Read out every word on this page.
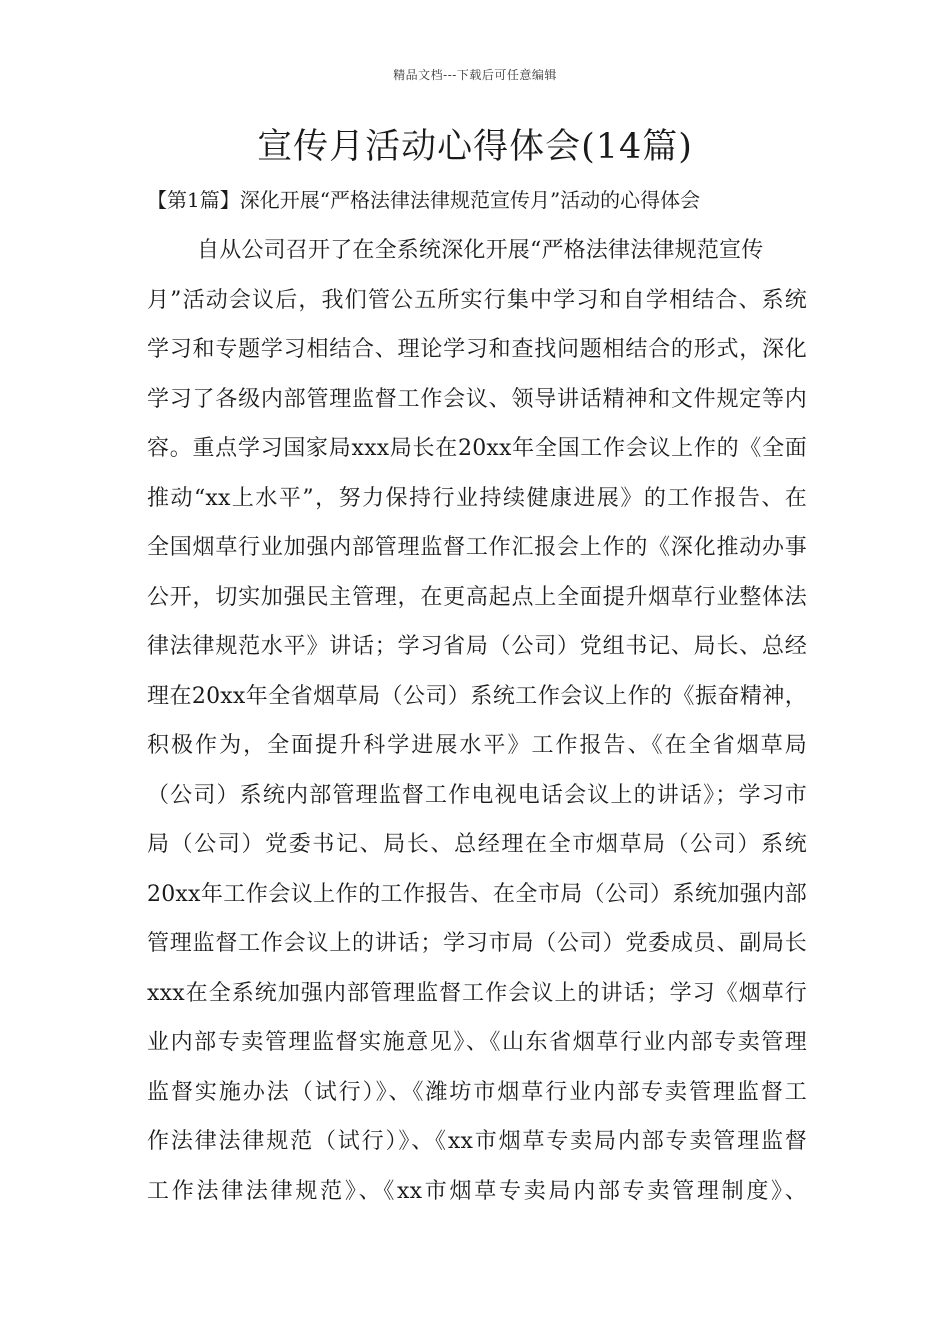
精品文档---下载后可任意编辑
宣传月活动心得体会(14篇)
【第1篇】深化开展“严格法律法律规范宣传月”活动的心得体会
自从公司召开了在全系统深化开展“严格法律法律规范宣传
月”活动会议后，我们管公五所实行集中学习和自学相结合、系统
学习和专题学习相结合、理论学习和查找问题相结合的形式，深化
学习了各级内部管理监督工作会议、领导讲话精神和文件规定等内
容。重点学习国家局xxx局长在20xx年全国工作会议上作的《全面
推动“xx上水平”，努力保持行业持续健康进展》的工作报告、在
全国烟草行业加强内部管理监督工作汇报会上作的《深化推动办事
公开，切实加强民主管理，在更高起点上全面提升烟草行业整体法
律法律规范水平》讲话；学习省局（公司）党组书记、局长、总经
理在20xx年全省烟草局（公司）系统工作会议上作的《振奋精神，
积极作为，全面提升科学进展水平》工作报告、《在全省烟草局
（公司）系统内部管理监督工作电视电话会议上的讲话》；学习市
局（公司）党委书记、局长、总经理在全市烟草局（公司）系统
20xx年工作会议上作的工作报告、在全市局（公司）系统加强内部
管理监督工作会议上的讲话；学习市局（公司）党委成员、副局长
xxx在全系统加强内部管理监督工作会议上的讲话；学习《烟草行
业内部专卖管理监督实施意见》、《山东省烟草行业内部专卖管理
监督实施办法（试行）》、《潍坊市烟草行业内部专卖管理监督工
作法律法律规范（试行）》、《xx市烟草专卖局内部专卖管理监督
工作法律法律规范》、《xx市烟草专卖局内部专卖管理制度》、
